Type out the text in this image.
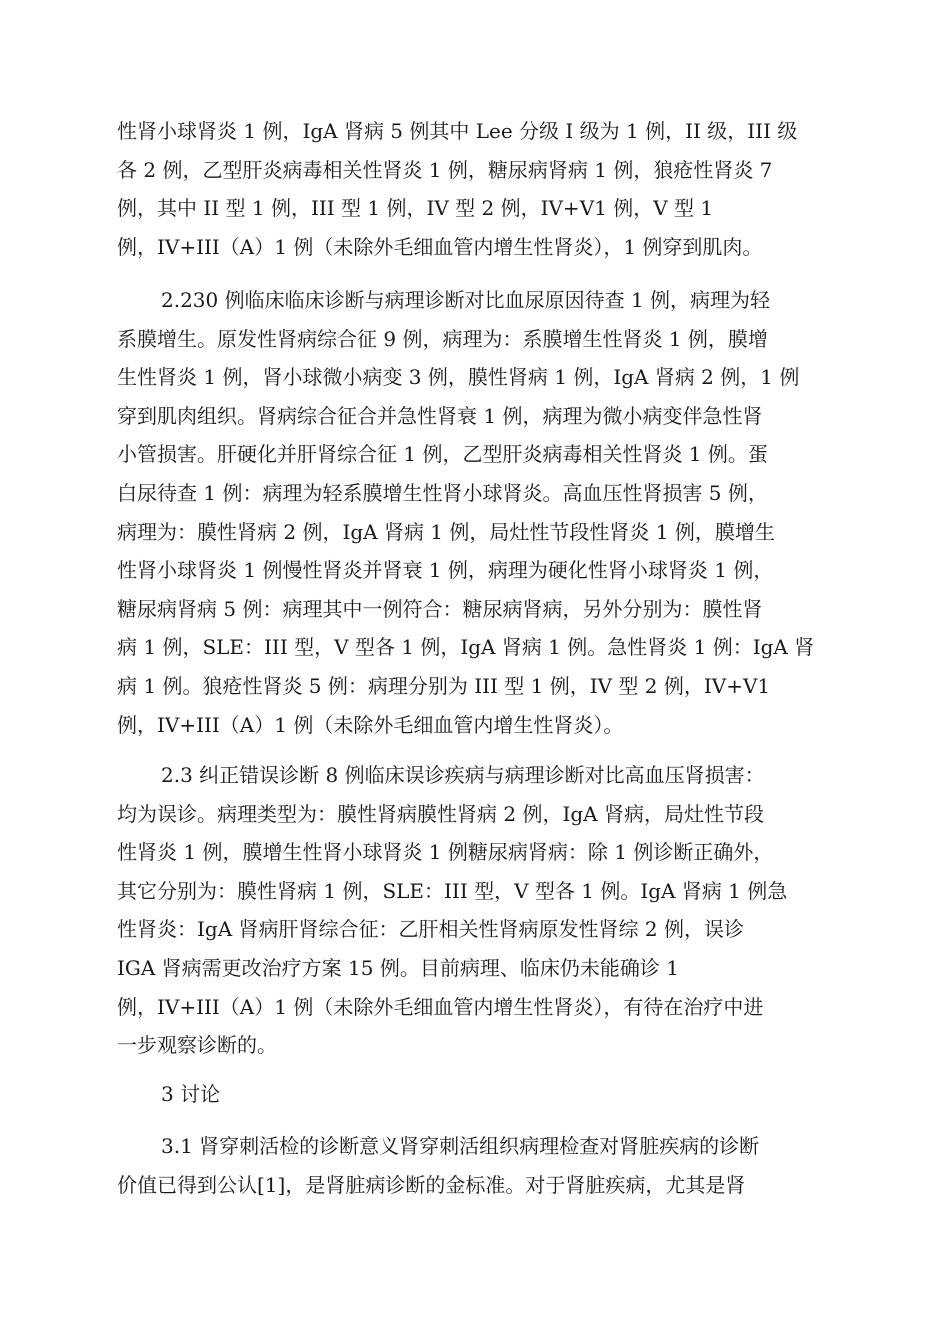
性肾小球肾炎 1 例，IgA 肾病 5 例其中 Lee 分级 I 级为 1 例，II 级，III 级
各 2 例，乙型肝炎病毒相关性肾炎 1 例，糖尿病肾病 1 例，狼疮性肾炎 7
例，其中 II 型 1 例，III 型 1 例，IV 型 2 例，IV+V1 例，V 型 1
例，IV+III（A）1 例（未除外毛细血管内增生性肾炎），1 例穿到肌肉。
2.230 例临床临床诊断与病理诊断对比血尿原因待查 1 例，病理为轻
系膜增生。原发性肾病综合征 9 例，病理为：系膜增生性肾炎 1 例，膜增
生性肾炎 1 例，肾小球微小病变 3 例，膜性肾病 1 例，IgA 肾病 2 例，1 例
穿到肌肉组织。肾病综合征合并急性肾衰 1 例，病理为微小病变伴急性肾
小管损害。肝硬化并肝肾综合征 1 例，乙型肝炎病毒相关性肾炎 1 例。蛋
白尿待查 1 例：病理为轻系膜增生性肾小球肾炎。高血压性肾损害 5 例，
病理为：膜性肾病 2 例，IgA 肾病 1 例，局灶性节段性肾炎 1 例，膜增生
性肾小球肾炎 1 例慢性肾炎并肾衰 1 例，病理为硬化性肾小球肾炎 1 例，
糖尿病肾病 5 例：病理其中一例符合：糖尿病肾病，另外分别为：膜性肾
病 1 例，SLE：III 型，V 型各 1 例，IgA 肾病 1 例。急性肾炎 1 例：IgA 肾
病 1 例。狼疮性肾炎 5 例：病理分别为 III 型 1 例，IV 型 2 例，IV+V1
例，IV+III（A）1 例（未除外毛细血管内增生性肾炎）。
2.3 纠正错误诊断 8 例临床误诊疾病与病理诊断对比高血压肾损害：
均为误诊。病理类型为：膜性肾病膜性肾病 2 例，IgA 肾病，局灶性节段
性肾炎 1 例，膜增生性肾小球肾炎 1 例糖尿病肾病：除 1 例诊断正确外，
其它分别为：膜性肾病 1 例，SLE：III 型，V 型各 1 例。IgA 肾病 1 例急
性肾炎：IgA 肾病肝肾综合征：乙肝相关性肾病原发性肾综 2 例，误诊
IGA 肾病需更改治疗方案 15 例。目前病理、临床仍未能确诊 1
例，IV+III（A）1 例（未除外毛细血管内增生性肾炎），有待在治疗中进
一步观察诊断的。
3 讨论
3.1 肾穿刺活检的诊断意义肾穿刺活组织病理检查对肾脏疾病的诊断
价值已得到公认[1]，是肾脏病诊断的金标准。对于肾脏疾病，尤其是肾
